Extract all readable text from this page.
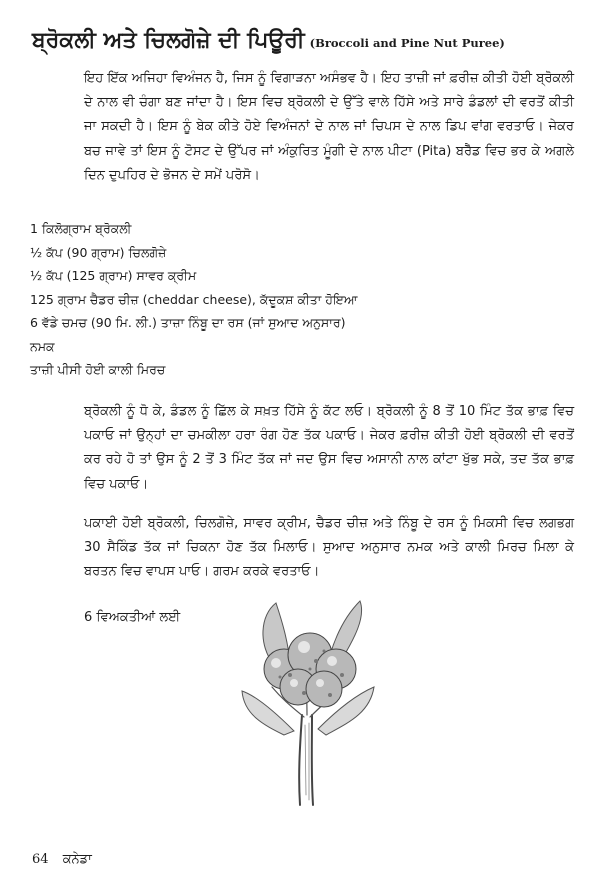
ਬ੍ਰੋਕਲੀ ਅਤੇ ਚਿਲਗੋਜ਼ੇ ਦੀ ਪਿਊਰੀ (Broccoli and Pine Nut Puree)

ਇਹ ਇੱਕ ਅਜਿਹਾ ਵਿਅੰਜਨ ਹੈ, ਜਿਸ ਨੂੰ ਵਿਗਾੜਨਾ ਅਸੰਭਵ ਹੈ। ਇਹ ਤਾਜ਼ੀ ਜਾਂ ਫ਼ਰੀਜ਼ ਕੀਤੀ ਹੋਈ ਬ੍ਰੋਕਲੀ ਦੇ ਨਾਲ ਵੀ ਚੰਗਾ ਬਣ ਜਾਂਦਾ ਹੈ। ਇਸ ਵਿਚ ਬ੍ਰੋਕਲੀ ਦੇ ਉੱਤੇ ਵਾਲੇ ਹਿੱਸੇ ਅਤੇ ਸਾਰੇ ਡੰਡਲਾਂ ਦੀ ਵਰਤੋਂ ਕੀਤੀ ਜਾ ਸਕਦੀ ਹੈ। ਇਸ ਨੂੰ ਬੇਕ ਕੀਤੇ ਹੋਏ ਵਿਅੰਜਨਾਂ ਦੇ ਨਾਲ ਜਾਂ ਚਿਪਸ ਦੇ ਨਾਲ ਡਿਪ ਵਾਂਗ ਵਰਤਾਓ। ਜੇਕਰ ਬਚ ਜਾਵੇ ਤਾਂ ਇਸ ਨੂੰ ਟੋਸਟ ਦੇ ਉੱਪਰ ਜਾਂ ਅੰਕੁਰਿਤ ਮੂੰਗੀ ਦੇ ਨਾਲ ਪੀਟਾ (Pita) ਬਰੈੱਡ ਵਿਚ ਭਰ ਕੇ ਅਗਲੇ ਦਿਨ ਦੁਪਹਿਰ ਦੇ ਭੋਜਨ ਦੇ ਸਮੇਂ ਪਰੋਸੋ।

1 ਕਿਲੋਗ੍ਰਾਮ ਬ੍ਰੋਕਲੀ
½ ਕੱਪ (90 ਗ੍ਰਾਮ) ਚਿਲਗੋਜ਼ੇ
½ ਕੱਪ (125 ਗ੍ਰਾਮ) ਸਾਵਰ ਕ੍ਰੀਮ
125 ਗ੍ਰਾਮ ਚੈਡਰ ਚੀਜ਼ (cheddar cheese), ਕੱਦੂਕਸ਼ ਕੀਤਾ ਹੋਇਆ
6 ਵੱਡੇ ਚਮਚ (90 ਮਿ. ਲੀ.) ਤਾਜ਼ਾ ਨਿੰਬੂ ਦਾ ਰਸ (ਜਾਂ ਸੁਆਦ ਅਨੁਸਾਰ)
ਨਮਕ
ਤਾਜ਼ੀ ਪੀਸੀ ਹੋਈ ਕਾਲੀ ਮਿਰਚ

ਬ੍ਰੋਕਲੀ ਨੂੰ ਧੋ ਕੇ, ਡੰਡਲ ਨੂੰ ਛਿੱਲ ਕੇ ਸਖ਼ਤ ਹਿੱਸੇ ਨੂੰ ਕੱਟ ਲਓ। ਬ੍ਰੋਕਲੀ ਨੂੰ 8 ਤੋਂ 10 ਮਿੰਟ ਤੱਕ ਭਾਫ਼ ਵਿਚ ਪਕਾਓ ਜਾਂ ਉਨ੍ਹਾਂ ਦਾ ਚਮਕੀਲਾ ਹਰਾ ਰੰਗ ਹੋਣ ਤੱਕ ਪਕਾਓ। ਜੇਕਰ ਫ਼ਰੀਜ਼ ਕੀਤੀ ਹੋਈ ਬ੍ਰੋਕਲੀ ਦੀ ਵਰਤੋਂ ਕਰ ਰਹੇ ਹੋ ਤਾਂ ਉਸ ਨੂੰ 2 ਤੋਂ 3 ਮਿੰਟ ਤੱਕ ਜਾਂ ਜਦ ਉਸ ਵਿਚ ਅਸਾਨੀ ਨਾਲ ਕਾਂਟਾ ਖੁੱਭ ਸਕੇ, ਤਦ ਤੱਕ ਭਾਫ਼ ਵਿਚ ਪਕਾਓ।

ਪਕਾਈ ਹੋਈ ਬ੍ਰੋਕਲੀ, ਚਿਲਗੋਜ਼ੇ, ਸਾਵਰ ਕ੍ਰੀਮ, ਚੈਡਰ ਚੀਜ਼ ਅਤੇ ਨਿੰਬੂ ਦੇ ਰਸ ਨੂੰ ਮਿਕਸੀ ਵਿਚ ਲਗਭਗ 30 ਸੈਕਿੰਡ ਤੱਕ ਜਾਂ ਚਿਕਨਾ ਹੋਣ ਤੱਕ ਮਿਲਾਓ। ਸੁਆਦ ਅਨੁਸਾਰ ਨਮਕ ਅਤੇ ਕਾਲੀ ਮਿਰਚ ਮਿਲਾ ਕੇ ਬਰਤਨ ਵਿਚ ਵਾਪਸ ਪਾਓ। ਗਰਮ ਕਰਕੇ ਵਰਤਾਓ।

6 ਵਿਅਕਤੀਆਂ ਲਈ
64 ਕਨੇਡਾ
